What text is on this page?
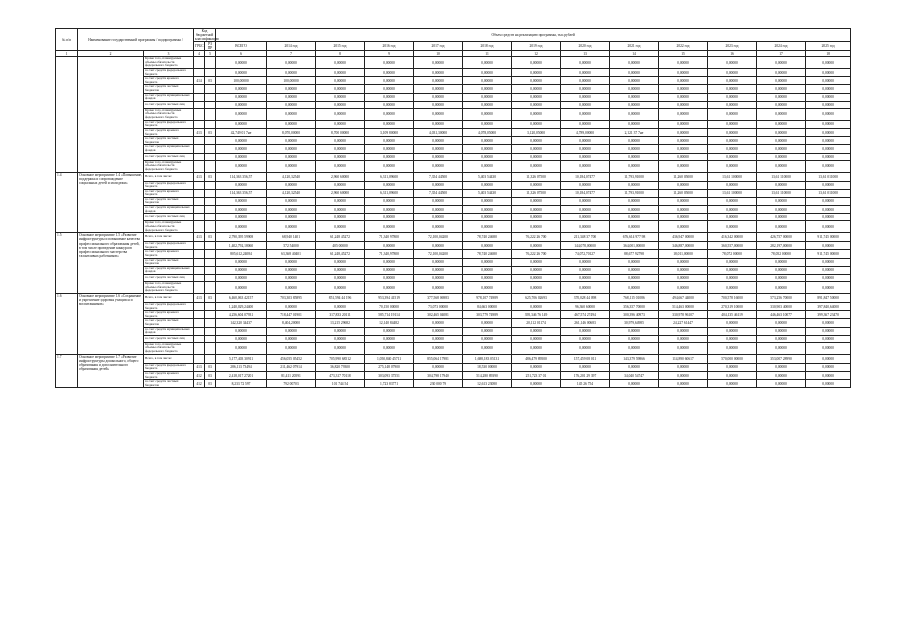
№ п/п	Наименование государственной программы / подпрограммы /		Код бюджетной классификации		Объем средств на реализацию программы, тыс.рублей												
			ГРБС	РЗ ПР	ВСЕГО	2014 год	2015 год	2016 год	2017 год	2018 год	2019 год	2020 год	2021 год	2022 год	2023 год	2024 год	2025 год
1	2	3	4	5	6	7	8	9	10	11	12	13	14	15	16	17	18
		Кроме того, планируемые объемы обязательств федерального бюджета			0,00000	0,00000	0,00000	0,00000	0,00000	0,00000	0,00000	0,00000	0,00000	0,00000	0,00000	0,00000	0,00000
		за счет средств федерального бюджета			0,00000	0,00000	0,00000	0,00000	0,00000	0,00000	0,00000	0,00000	0,00000	0,00000	0,00000	0,00000	0,00000
		за счет средств краевого бюджета	414	03	100,00000	100,00000	0,00000	0,00000	0,00000	0,00000	0,00000	0,00000	0,00000	0,00000	0,00000	0,00000	0,00000
		за счет средств частных бюджетов			0,00000	0,00000	0,00000	0,00000	0,00000	0,00000	0,00000	0,00000	0,00000	0,00000	0,00000	0,00000	0,00000
		за счет средств муниципальных фондов			0,00000	0,00000	0,00000	0,00000	0,00000	0,00000	0,00000	0,00000	0,00000	0,00000	0,00000	0,00000	0,00000
		за счет средств частных лиц			0,00000	0,00000	0,00000	0,00000	0,00000	0,00000	0,00000	0,00000	0,00000	0,00000	0,00000	0,00000	0,00000
		Кроме того, планируемые объемы обязательств федерального бюджета			0,00000	0,00000	0,00000	0,00000	0,00000	0,00000	0,00000	0,00000	0,00000	0,00000	0,00000	0,00000	0,00000
		за счет средств федерального бюджета			0,00000	0,00000	0,00000	0,00000	0,00000	0,00000	0,00000	0,00000	0,00000	0,00000	0,00000	0,00000	0,00000
		за счет средств краевого бюджета	413	03	42,749 01 7нe	8,070,00000	8,700 00000	3,109 80000	4,031,30000	4,078,05000	3,120,05000	4,789,00000	2,121 37 7нe	0,00000	0,00000	0,00000	0,00000
		за счет средств частных бюджетов			0,00000	0,00000	0,00000	0,00000	0,00000	0,00000	0,00000	0,00000	0,00000	0,00000	0,00000	0,00000	0,00000
		за счет средств муниципальных фондов			0,00000	0,00000	0,00000	0,00000	0,00000	0,00000	0,00000	0,00000	0,00000	0,00000	0,00000	0,00000	0,00000
		за счет средств частных лиц			0,00000	0,00000	0,00000	0,00000	0,00000	0,00000	0,00000	0,00000	0,00000	0,00000	0,00000	0,00000	0,00000
		Кроме того, планируемые объемы обязательств федерального бюджета			0,00000	0,00000	0,00000	0,00000	0,00000	0,00000	0,00000	0,00000	0,00000	0,00000	0,00000	0,00000	0,00000
1.4	Основное мероприятие 1.4 «Повышение, поддержка и сопровождение социальных детей и молодежи»	Всего, в том числе:	413	03	114,363 356,57	4,120,32540	2,960 60000	6,311,09600	7,354 44500	5,403 54430	11,326 07500	10,184,07477	11,793,91000	11,260 05000	13,61 100000	13,61 110000	13,61 011000
		за счет средств федерального бюджета			0,00000	0,00000	0,00000	0,00000	0,00000	0,00000	0,00000	0,00000	0,00000	0,00000	0,00000	0,00000	0,00000
		за счет средств краевого бюджета			114,363 356,57	4,120,32540	2,960 60000	6,311,09600	7,354 44500	5,403 54430	11,326 07500	10,184,07477	11,793,91000	11,260 05000	13,61 100000	13,61 110000	13,61 011000
		за счет средств частных бюджетов			0,00000	0,00000	0,00000	0,00000	0,00000	0,00000	0,00000	0,00000	0,00000	0,00000	0,00000	0,00000	0,00000
		за счет средств муниципальных фондов			0,00000	0,00000	0,00000	0,00000	0,00000	0,00000	0,00000	0,00000	0,00000	0,00000	0,00000	0,00000	0,00000
		за счет средств частных лиц			0,00000	0,00000	0,00000	0,00000	0,00000	0,00000	0,00000	0,00000	0,00000	0,00000	0,00000	0,00000	0,00000
		Кроме того, планируемые объемы обязательств федерального бюджета			0,00000	0,00000	0,00000	0,00000	0,00000	0,00000	0,00000	0,00000	0,00000	0,00000	0,00000	0,00000	0,00000
1.5	Основное мероприятие 1.5 «Развитие инфраструктуры и повышение качества профессионального образования детей, в том числе проведение конкурсов профессионального мастерства талантливых работников»	Всего, в том числе:	413	03	2,790,395 59908	68,940 1401	61,248 45272	71,340 97800	72,100,04200	78,740 24680	76,222 26 700	211,348 37 700	676,614 977 98	436,947 00000	416,342 00000	426,757 00000	911,745 00000
		за счет средств федерального бюджета			1,402,792,18060	572 54000	405 00000	0,00000	0,00000	0,00000	0,00000	144,078,00000	364,001,00000	346,887,00000	360,557,00000	282,197,00000	0,00000
		за счет средств краевого бюджета			805,612,24084	63,368 40401	61,248,45272	71,340,97800	72,100,04200	78,740 24680	76,222 26 700	74,072,70127	88,677 92798	18,011,00000	78,072 00000	78,052 00000	911,745 00000
		за счет средств частных бюджетов			0,00000	0,00000	0,00000	0,00000	0,00000	0,00000	0,00000	0,00000	0,00000	0,00000	0,00000	0,00000	0,00000
		за счет средств муниципальных фондов			0,00000	0,00000	0,00000	0,00000	0,00000	0,00000	0,00000	0,00000	0,00000	0,00000	0,00000	0,00000	0,00000
		за счет средств частных лиц			0,00000	0,00000	0,00000	0,00000	0,00000	0,00000	0,00000	0,00000	0,00000	0,00000	0,00000	0,00000	0,00000
		Кроме того, планируемые объемы обязательств федерального бюджета			0,00000	0,00000	0,00000	0,00000	0,00000	0,00000	0,00000	0,00000	0,00000	0,00000	0,00000	0,00000	0,00000
1.6	Основное мероприятие 1.6 «Сохранение и укрепление здоровья учащихся и воспитанников»	Всего, в том числе:	413	03	6,460,063 42157	703,303 85895	851,594 44 196	953,394 41519	377,568 06983	978,107 74989	625,706 02693	370,028 44 098	768,115 01086	494,667 44000	700,578 16000	573,256 70000	891,847 50000
		за счет средств федерального бюджета			1,240,029,24400	0,00000	0,00000	70,150 00000	73,073 00000	84,663 00000	0,00000	96,360 60000	356,357 70000	514,463 00000	270,319 10000	330,903 40000	397,840,64000
		за счет средств краевого бюджета			4,256,604 07931	718,447 01901	317,833 20111	585,714 19114	302,465 04081	303,779 74989	395,346 76 149	467,574 27494	300,396 40973	330,978 96107	404,135 46119	446,463 10077	399,367 23470
		за счет средств частных бюджетов			142,320 34437	8,404,20000	13,215 29682	12,140 84482	0,00000	0,00000	20,112 01174	261,146 00683	30,979,64985	24,227 61447	0,00000	0,00000	0,00000
		за счет средств муниципальных фондов			0,00000	0,00000	0,00000	0,00000	0,00000	0,00000	0,00000	0,00000	0,00000	0,00000	0,00000	0,00000	0,00000
		за счет средств частных лиц			0,00000	0,00000	0,00000	0,00000	0,00000	0,00000	0,00000	0,00000	0,00000	0,00000	0,00000	0,00000	0,00000
		Кроме того, планируемые объемы обязательств федерального бюджета			0,00000	0,00000	0,00000	0,00000	0,00000	0,00000	0,00000	0,00000	0,00000	0,00000	0,00000	0,00000	0,00000
1.7	Основное мероприятие 1.7 «Развитие инфраструктуры дошкольного, общего образования и дополнительного образования детей»	Всего, в том числе:			5,177,403 30911	456,055 05452	705,990 68512	1,050,840 45711	855,064 17981	1,688,183 05131	486,479 89500	157,459 08 011	143,379 59866	114,890 60617	570,000 00000	353,007 28990	0,00000
		за счет средств федерального бюджета	413	03	286,113 73494	211,462 07914	36,820 79300	275,148 07900	0,00000	18,530 00000	0,00000	0,00000	0,00000	0,00000	0,00000	0,00000	0,00000
		за счет средств краевого бюджета	412	03	2,418,017 27201	81,411 20591	473,317 70118	303,093 37551	304,798 17940	514,280 89390	251,723 37 01	176,201 29 397	34,040 54747	0,00000	0,00000	0,00000	0,00000
		за счет средств частных бюджетов	412	03	8,233 72 597	792 00703	101 744 54	1,723 83771	230 000 79	12,613 23080	0,00000	145 26 754	0,00000	0,00000	0,00000	0,00000	0,00000
